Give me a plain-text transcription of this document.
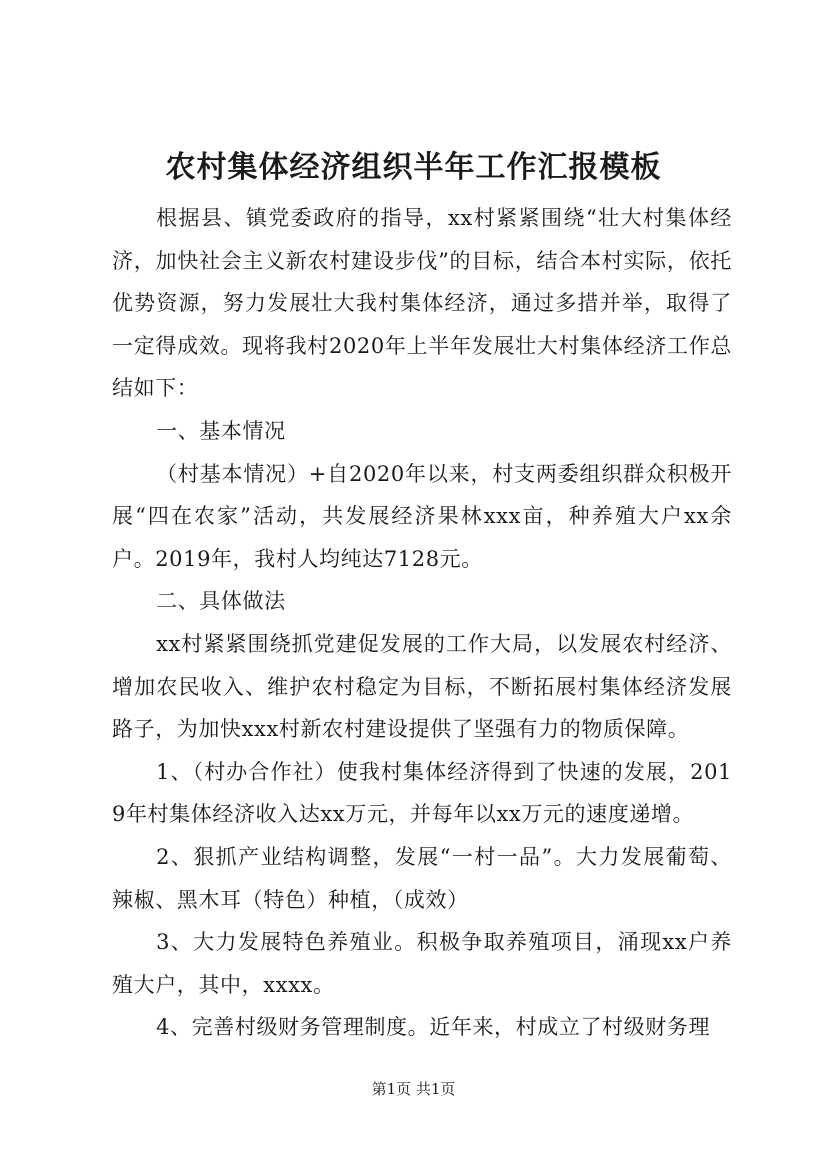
农村集体经济组织半年工作汇报模板

根据县、镇党委政府的指导，xx村紧紧围绕“壮大村集体经济，加快社会主义新农村建设步伐”的目标，结合本村实际，依托优势资源，努力发展壮大我村集体经济，通过多措并举，取得了一定得成效。现将我村2020年上半年发展壮大村集体经济工作总结如下：

一、基本情况

（村基本情况）+自2020年以来，村支两委组织群众积极开展“四在农家”活动，共发展经济果林xxx亩，种养殖大户xx余户。2019年，我村人均纯达7128元。

二、具体做法

xx村紧紧围绕抓党建促发展的工作大局，以发展农村经济、增加农民收入、维护农村稳定为目标，不断拓展村集体经济发展路子，为加快xxx村新农村建设提供了坚强有力的物质保障。

1、（村办合作社）使我村集体经济得到了快速的发展，2019年村集体经济收入达xx万元，并每年以xx万元的速度递增。

2、狠抓产业结构调整，发展“一村一品”。大力发展葡萄、辣椒、黑木耳（特色）种植，（成效）

3、大力发展特色养殖业。积极争取养殖项目，涌现xx户养殖大户，其中，xxxx。

4、完善村级财务管理制度。近年来，村成立了村级财务理

第1页 共1页
